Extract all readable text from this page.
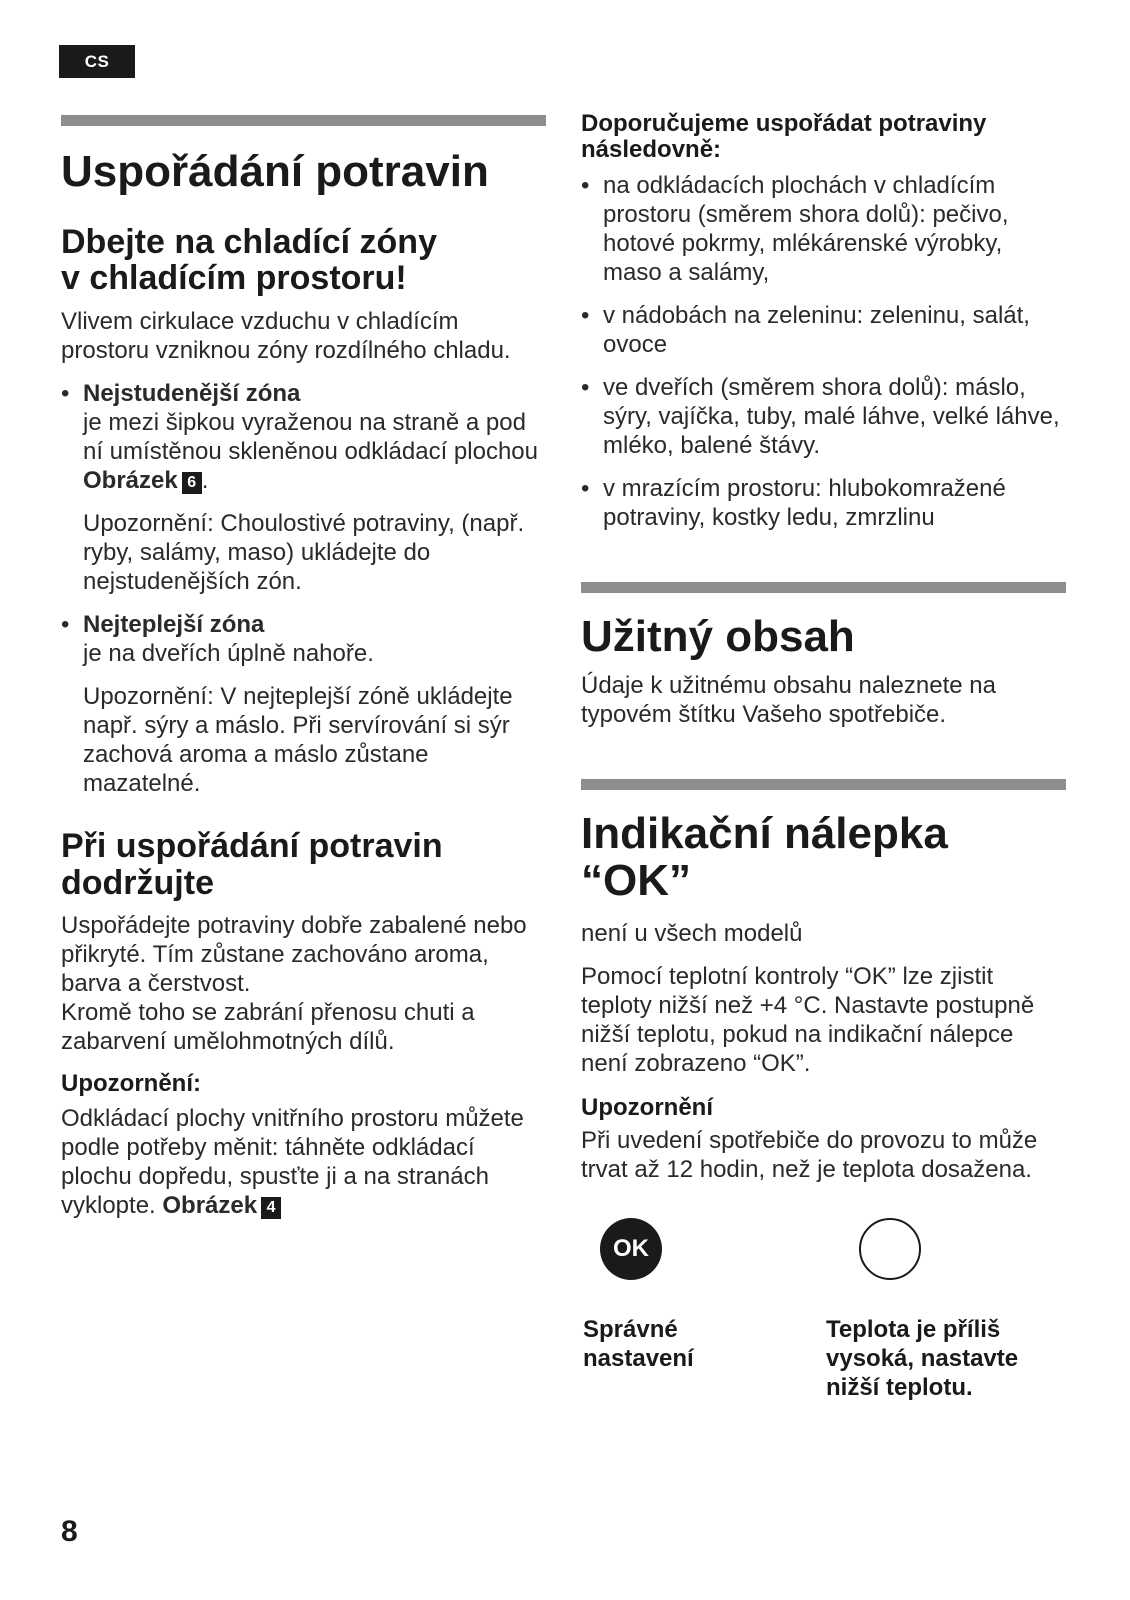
CS
Uspořádání potravin
Dbejte na chladící zóny
v chladícím prostoru!

Vlivem cirkulace vzduchu v chladícím prostoru vzniknou zóny rozdílného chladu.

• Nejstudenější zóna
je mezi šipkou vyraženou na straně a pod ní umístěnou skleněnou odkládací plochou Obrázek 6 .

Upozornění: Choulostivé potraviny, (např. ryby, salámy, maso) ukládejte do nejstudenějších zón.

• Nejteplejší zóna
je na dveřích úplně nahoře.

Upozornění: V nejteplejší zóně ukládejte např. sýry a máslo. Při servírování si sýr zachová aroma a máslo zůstane mazatelné.

Při uspořádání potravin
dodržujte

Uspořádejte potraviny dobře zabalené nebo přikryté. Tím zůstane zachováno aroma, barva a čerstvost.

Kromě toho se zabrání přenosu chuti a zabarvení umělohmotných dílů.

Upozornění:

Odkládací plochy vnitřního prostoru můžete podle potřeby měnit: táhněte odkládací plochu dopředu, spusťte ji a na stranách vyklopte. Obrázek 4

Doporučujeme uspořádat potraviny
následovně:

• na odkládacích plochách v chladícím prostoru (směrem shora dolů): pečivo, hotové pokrmy, mlékárenské výrobky, maso a salámy,
• v nádobách na zeleninu: zeleninu, salát, ovoce
• ve dveřích (směrem shora dolů): máslo, sýry, vajíčka, tuby, malé láhve, velké láhve, mléko, balené štávy.
• v mrazícím prostoru: hlubokomražené potraviny, kostky ledu, zmrzlinu
Užitný obsah

Údaje k užitnému obsahu naleznete na typovém štítku Vašeho spotřebiče.

Indikační nálepka
“OK”

není u všech modelů

Pomocí teplotní kontroly “OK” lze zjistit teploty nižší než +4 °C. Nastavte postupně nižší teplotu, pokud na indikační nálepce není zobrazeno “OK”.

Upozornění

Při uvedení spotřebiče do provozu to může trvat až 12 hodin, než je teplota dosažena.

OK
Správné
nastavení
Teplota je příliš
vysoká, nastavte
nižší teplotu.
8
